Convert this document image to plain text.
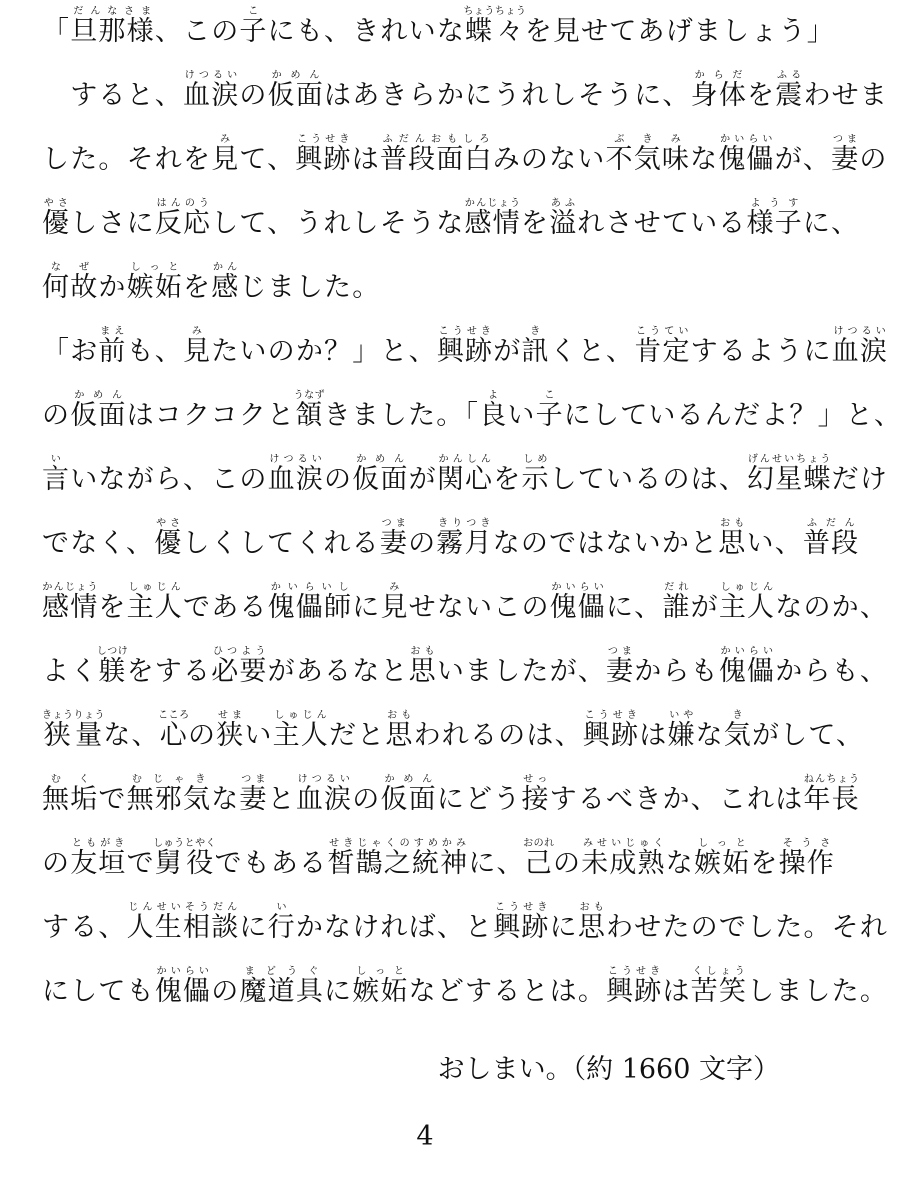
「旦那様だんなさま、この子こにも、きれいな蝶々ちょうちょうを見せてあげましょう」
　すると、血涙けつるいの仮面かめんはあきらかにうれしそうに、身体からだを震ふるわせま
した。それを見みて、興跡こうせきは普段面白ふだんおもしろみのない不気味ぶきみな傀儡かいらいが、妻つまの
優やさしさに反応はんのうして、うれしそうな感情かんじょうを溢あふれさせている様子ようすに、
何故なぜか嫉妬しっとを感かんじました。
「お前まえも、見みたいのか？」と、興跡こうせきが訊きくと、肯定こうていするように血涙けつるい
の仮面かめんはコクコクと頷うなずきました。「良よい子こにしているんだよ？」と、
言いいながら、この血涙けつるいの仮面かめんが関心かんしんを示しめしているのは、幻星蝶げんせいちょうだけ
でなく、優やさしくしてくれる妻つまの霧月きりつきなのではないかと思おもい、普段ふだん
感情かんじょうを主人しゅじんである傀儡師かいらいしに見みせないこの傀儡かいらいに、誰だれが主人しゅじんなのか、
よく躾しつけをする必要ひつようがあるなと思おもいましたが、妻つまからも傀儡かいらいからも、
狭量きょうりょうな、心こころの狭せまい主人しゅじんだと思おもわれるのは、興跡こうせきは嫌いやな気きがして、
無垢むくで無邪気むじゃきな妻つまと血涙けつるいの仮面かめんにどう接せっするべきか、これは年長ねんちょう
の友垣ともがきで舅役しゅうとやくでもある皙鵲之統神せきじゃくのすめかみに、己おのれの未成熟みせいじゅくな嫉妬しっとを操作そうさ
する、人生相談じんせいそうだんに行いかなければ、と興跡こうせきに思おもわせたのでした。それ
にしても傀儡かいらいの魔道具まどうぐに嫉妬しっとなどするとは。興跡こうせきは苦笑くしょうしました。
おしまい。（約 1660 文字）
4
